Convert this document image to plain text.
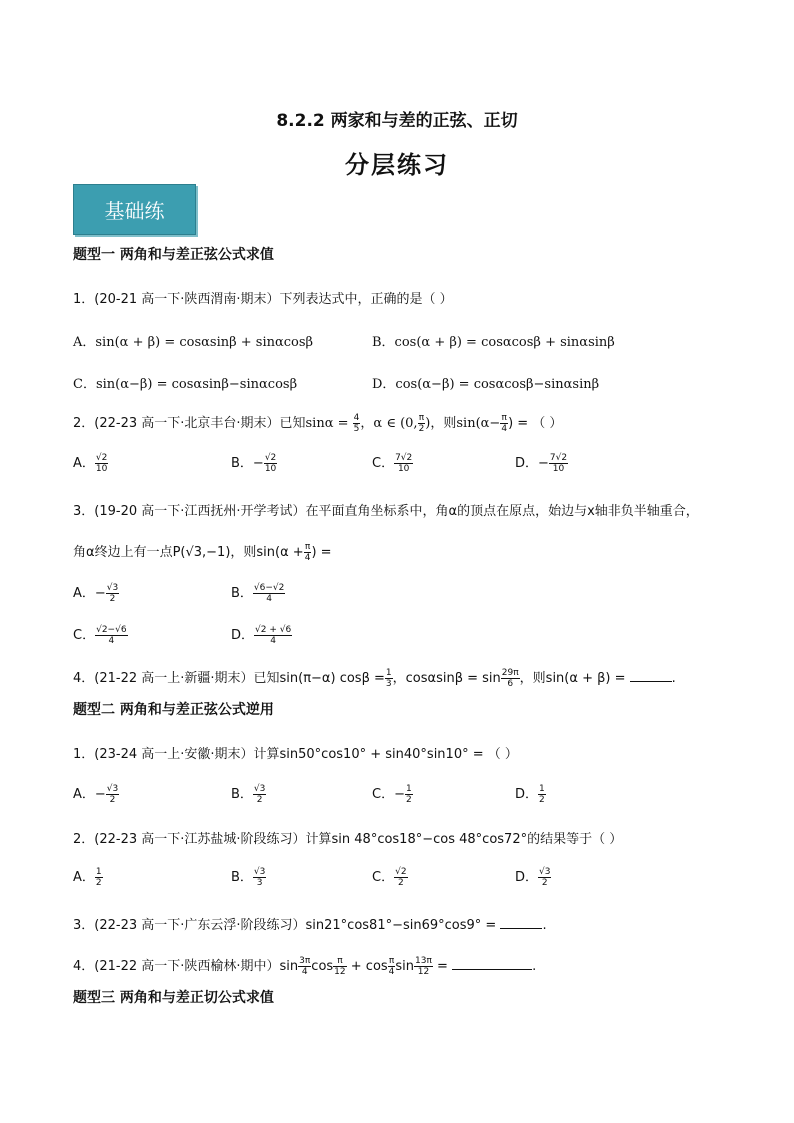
8.2.2 两家和与差的正弦、正切
分层练习
基础练
题型一 两角和与差正弦公式求值
1．(20-21 高一下·陕西渭南·期末）下列表达式中，正确的是（ ）
A．sin(α + β) = cosαsinβ + sinαcosβ	B．cos(α + β) = cosαcosβ + sinαsinβ
C．sin(α−β) = cosαsinβ−sinαcosβ	D．cos(α−β) = cosαcosβ−sinαsinβ
2．(22-23 高一下·北京丰台·期末）已知$\sin\alpha = \frac{4}{5}$ ，α ∈ (0, $\frac{\pi}{2}$ )，则$\sin(\alpha- \frac{\pi}{4}$ ) = （ ）
A． $\frac{√2}{10}$	B．− $\frac{√2}{10}$	C． $\frac{7√2}{10}$	D．− $\frac{7√2}{10}$
3．(19-20 高一下·江西抚州·开学考试）在平面直角坐标系中，角α的顶点在原点，始边与x轴非负半轴重合，
角α终边上有一点P(√3,−1)，则$\sin(\alpha + \frac{\pi}{4}$ ) =
A．− $\frac{√3}{2}$	B． $\frac{√6-√2}{4}$
C． $\frac{√2-√6}{4}$	D． $\frac{√2 + √6}{4}$
4．(21-22 高一上·新疆·期末）已知sin(π−α) $\cos\beta = \frac{1}{3}$ ，$\cos\alpha\sin\beta = \sin \frac{29\pi}{6}$ ，则sin(α + β) =	.
题型二 两角和与差正弦公式逆用
1．(23-24 高一上·安徽·期末）计算sin50°cos10° + sin40°sin10° = （ ）
A．− $\frac{√3}{2}$	B． $\frac{√3}{2}$	C．− $\frac{1}{2}$	D． $\frac{1}{2}$
2．(22-23 高一下·江苏盐城·阶段练习）计算sin 48°cos18°−cos 48°cos72°的结果等于（ ）
A． $\frac{1}{2}$	B． $\frac{√3}{3}$	C． $\frac{√2}{2}$	D． $\frac{√3}{2}$
3．(22-23 高一下·广东云浮·阶段练习）sin21°cos81°−sin69°cos9° =	.
4．(21-22 高一下·陕西榆林·期中）$\sin \frac{3\pi}{4}$ $\cos \frac{\pi}{12} + \cos \frac{\pi}{4}$ $\sin \frac{13\pi}{12}$ =	.
题型三 两角和与差正切公式求值
